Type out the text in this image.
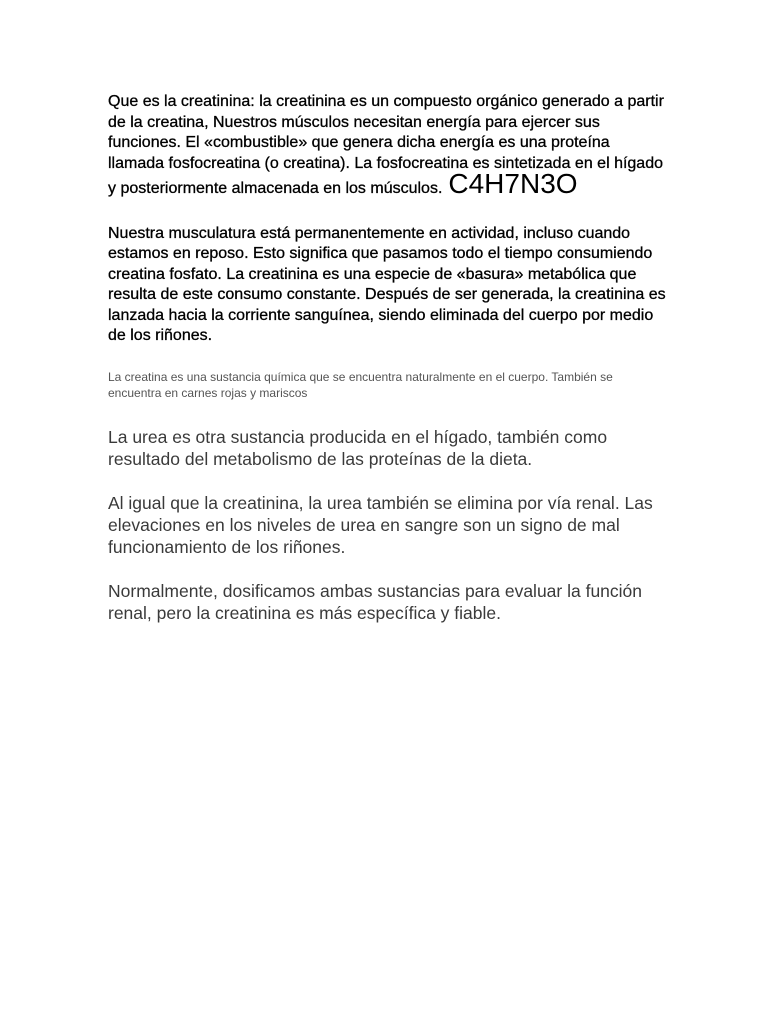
Que es la creatinina: la creatinina es un compuesto orgánico generado a partir de la creatina, Nuestros músculos necesitan energía para ejercer sus funciones. El «combustible» que genera dicha energía es una proteína llamada fosfocreatina (o creatina). La fosfocreatina es sintetizada en el hígado y posteriormente almacenada en los músculos. C4H7N3O

Nuestra musculatura está permanentemente en actividad, incluso cuando estamos en reposo. Esto significa que pasamos todo el tiempo consumiendo creatina fosfato. La creatinina es una especie de «basura» metabólica que resulta de este consumo constante. Después de ser generada, la creatinina es lanzada hacia la corriente sanguínea, siendo eliminada del cuerpo por medio de los riñones.

La creatina es una sustancia química que se encuentra naturalmente en el cuerpo. También se encuentra en carnes rojas y mariscos

La urea es otra sustancia producida en el hígado, también como resultado del metabolismo de las proteínas de la dieta.

Al igual que la creatinina, la urea también se elimina por vía renal. Las elevaciones en los niveles de urea en sangre son un signo de mal funcionamiento de los riñones.

Normalmente, dosificamos ambas sustancias para evaluar la función renal, pero la creatinina es más específica y fiable.
